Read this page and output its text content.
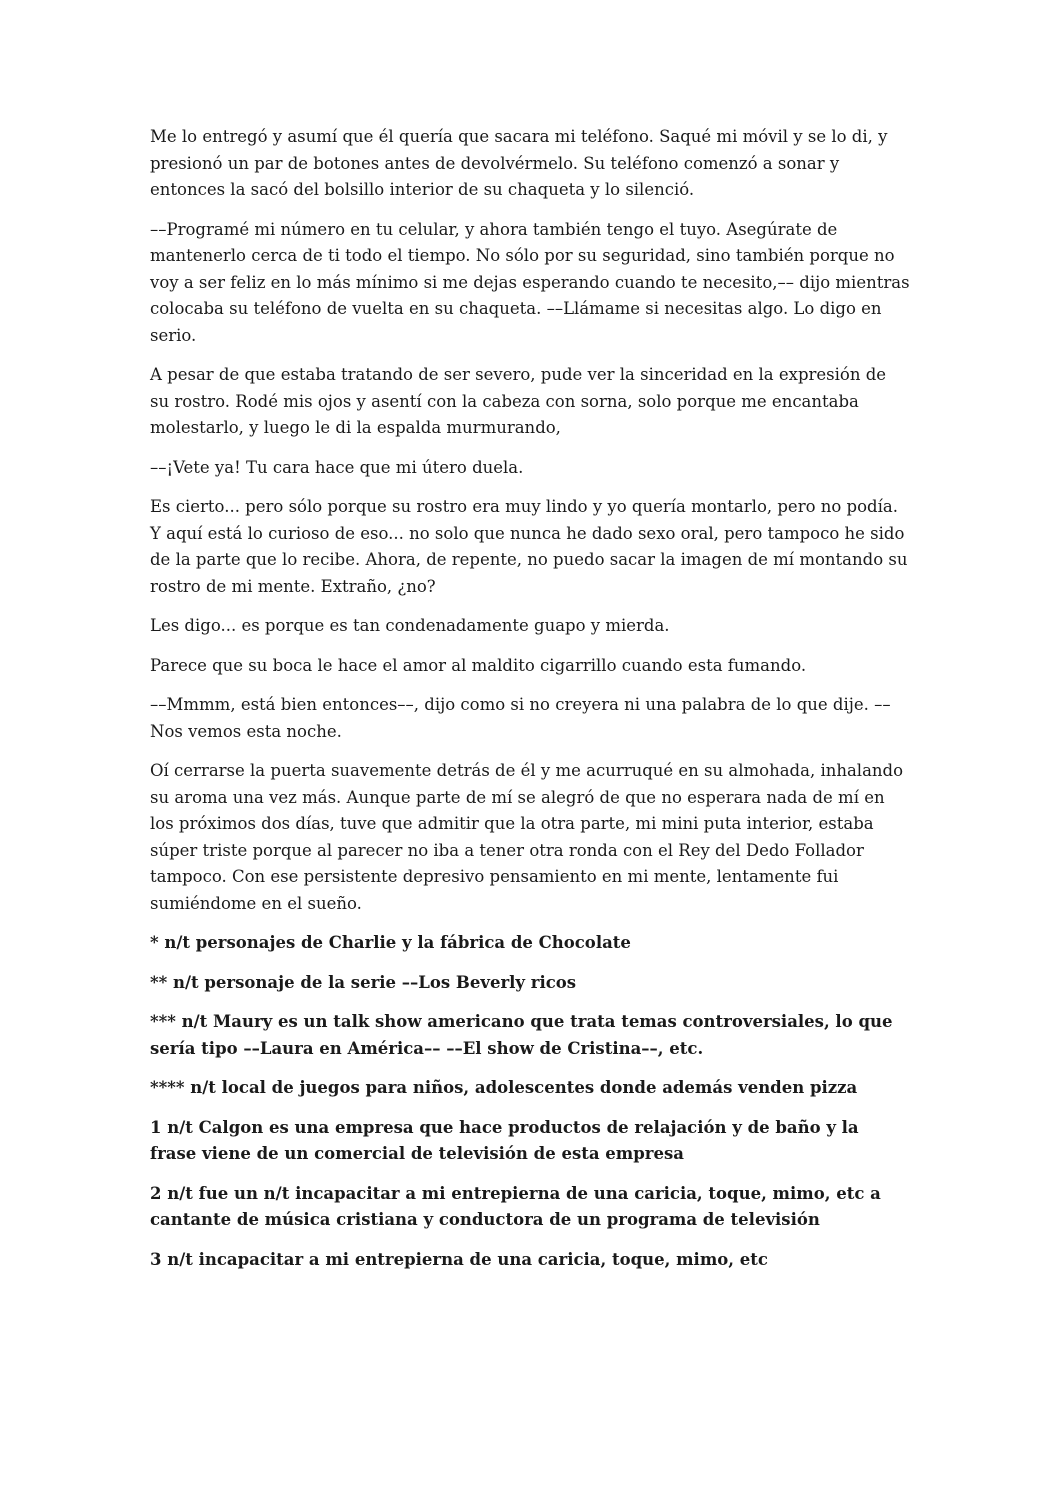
Me lo entregó y asumí que él quería que sacara mi teléfono. Saqué mi móvil y se lo di, y presionó un par de botones antes de devolvérmelo. Su teléfono comenzó a sonar y entonces la sacó del bolsillo interior de su chaqueta y lo silenció.

––Programé mi número en tu celular, y ahora también tengo el tuyo. Asegúrate de mantenerlo cerca de ti todo el tiempo. No sólo por su seguridad, sino también porque no voy a ser feliz en lo más mínimo si me dejas esperando cuando te necesito,–– dijo mientras colocaba su teléfono de vuelta en su chaqueta. ––Llámame si necesitas algo. Lo digo en serio.

A pesar de que estaba tratando de ser severo, pude ver la sinceridad en la expresión de su rostro. Rodé mis ojos y asentí con la cabeza con sorna, solo porque me encantaba molestarlo, y luego le di la espalda murmurando,

––¡Vete ya! Tu cara hace que mi útero duela.

Es cierto... pero sólo porque su rostro era muy lindo y yo quería montarlo, pero no podía. Y aquí está lo curioso de eso... no solo que nunca he dado sexo oral, pero tampoco he sido de la parte que lo recibe. Ahora, de repente, no puedo sacar la imagen de mí montando su rostro de mi mente. Extraño, ¿no?

Les digo... es porque es tan condenadamente guapo y mierda.

Parece que su boca le hace el amor al maldito cigarrillo cuando esta fumando.

––Mmmm, está bien entonces––, dijo como si no creyera ni una palabra de lo que dije. –– Nos vemos esta noche.

Oí cerrarse la puerta suavemente detrás de él y me acurruqué en su almohada, inhalando su aroma una vez más. Aunque parte de mí se alegró de que no esperara nada de mí en los próximos dos días, tuve que admitir que la otra parte, mi mini puta interior, estaba súper triste porque al parecer no iba a tener otra ronda con el Rey del Dedo Follador tampoco. Con ese persistente depresivo pensamiento en mi mente, lentamente fui sumiéndome en el sueño.

* n/t personajes de Charlie y la fábrica de Chocolate

** n/t personaje de la serie ––Los Beverly ricos

*** n/t Maury es un talk show americano que trata temas controversiales, lo que sería tipo ––Laura en América–– ––El show de Cristina––, etc.

**** n/t local de juegos para niños, adolescentes donde además venden pizza

1 n/t Calgon es una empresa que hace productos de relajación y de baño y la frase viene de un comercial de televisión de esta empresa

2 n/t fue un n/t incapacitar a mi entrepierna de una caricia, toque, mimo, etc a cantante de música cristiana y conductora de un programa de televisión

3 n/t incapacitar a mi entrepierna de una caricia, toque, mimo, etc
